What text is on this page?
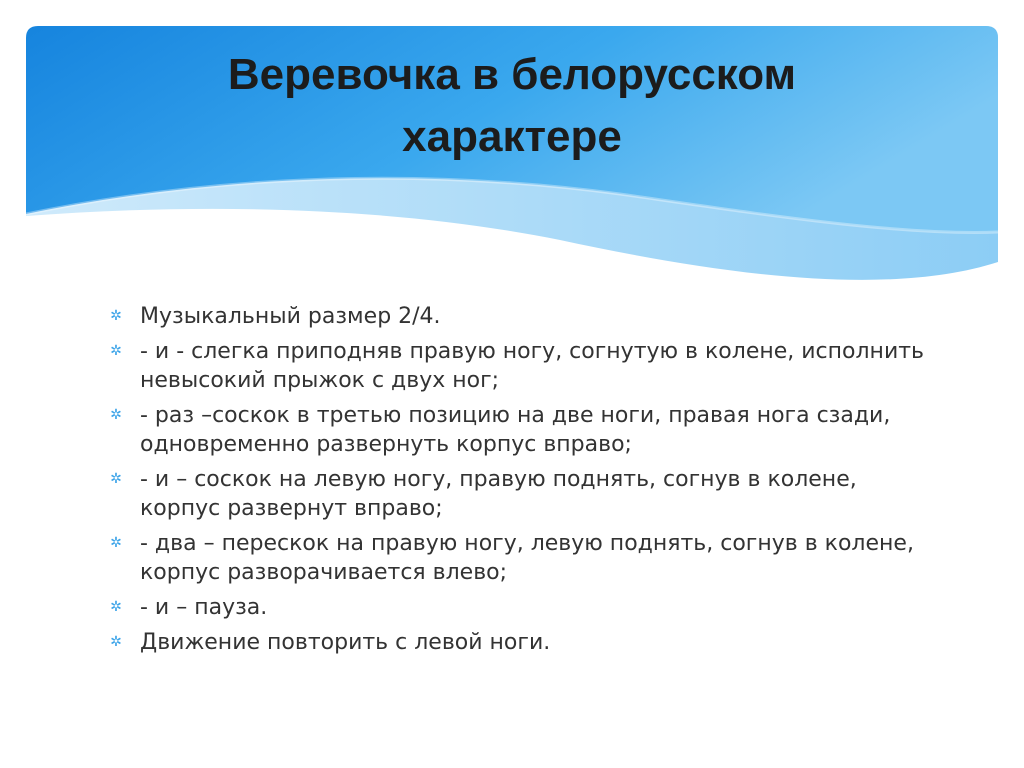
Веревочка в белорусском характере
✲ Музыкальный размер 2/4.
✲ - и - слегка приподняв правую ногу, согнутую в колене, исполнить невысокий прыжок с двух ног;
✲ - раз –соскок в третью позицию на две ноги, правая нога сзади, одновременно развернуть корпус вправо;
✲ - и – соскок на левую ногу, правую поднять, согнув в колене, корпус развернут вправо;
✲ - два – перескок на правую ногу, левую поднять, согнув в колене, корпус разворачивается влево;
✲ - и – пауза.
✲ Движение повторить с левой ноги.
